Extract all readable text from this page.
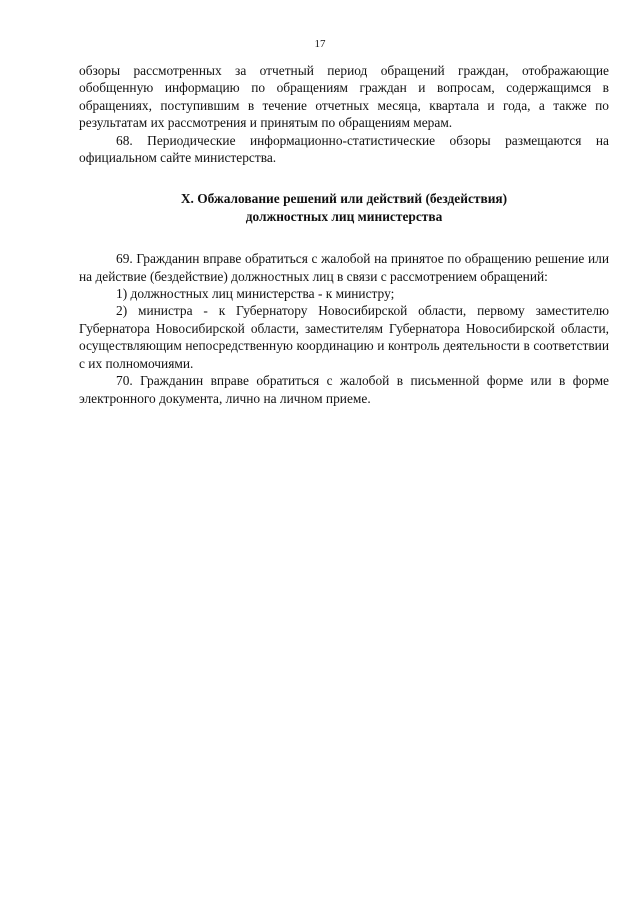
17

обзоры рассмотренных за отчетный период обращений граждан, отображающие обобщенную информацию по обращениям граждан и вопросам, содержащимся в обращениях, поступившим в течение отчетных месяца, квартала и года, а также по результатам их рассмотрения и принятым по обращениям мерам.

68. Периодические информационно-статистические обзоры размещаются на официальном сайте министерства.

X. Обжалование решений или действий (бездействия)
должностных лиц министерства

69. Гражданин вправе обратиться с жалобой на принятое по обращению решение или на действие (бездействие) должностных лиц в связи с рассмотрением обращений:

1) должностных лиц министерства - к министру;

2) министра - к Губернатору Новосибирской области, первому заместителю Губернатора Новосибирской области, заместителям Губернатора Новосибирской области, осуществляющим непосредственную координацию и контроль деятельности в соответствии с их полномочиями.

70. Гражданин вправе обратиться с жалобой в письменной форме или в форме электронного документа, лично на личном приеме.
